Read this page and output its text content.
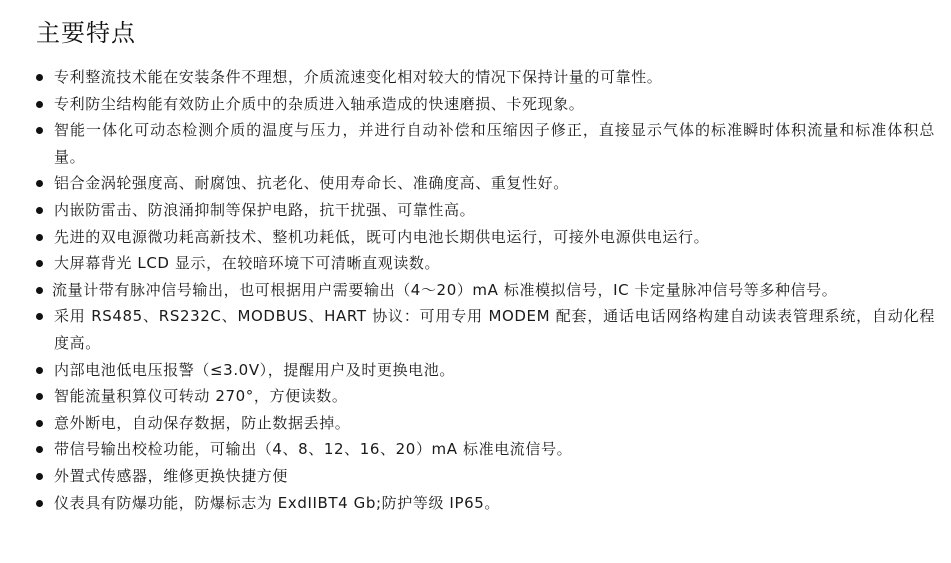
主要特点
专利整流技术能在安装条件不理想，介质流速变化相对较大的情况下保持计量的可靠性。
专利防尘结构能有效防止介质中的杂质进入轴承造成的快速磨损、卡死现象。
智能一体化可动态检测介质的温度与压力，并进行自动补偿和压缩因子修正，直接显示气体的标准瞬时体积流量和标准体积总量。
铝合金涡轮强度高、耐腐蚀、抗老化、使用寿命长、准确度高、重复性好。
内嵌防雷击、防浪涌抑制等保护电路，抗干扰强、可靠性高。
先进的双电源微功耗高新技术、整机功耗低，既可内电池长期供电运行，可接外电源供电运行。
大屏幕背光 LCD 显示，在较暗环境下可清晰直观读数。
流量计带有脉冲信号输出，也可根据用户需要输出（4～20）mA 标准模拟信号，IC 卡定量脉冲信号等多种信号。
采用 RS485、RS232C、MODBUS、HART 协议：可用专用 MODEM 配套，通话电话网络构建自动读表管理系统，自动化程度高。
内部电池低电压报警（≤3.0V），提醒用户及时更换电池。
智能流量积算仪可转动 270°，方便读数。
意外断电，自动保存数据，防止数据丢掉。
带信号输出校检功能，可输出（4、8、12、16、20）mA 标准电流信号。
外置式传感器，维修更换快捷方便
仪表具有防爆功能，防爆标志为 ExdIIBT4 Gb;防护等级 IP65。
